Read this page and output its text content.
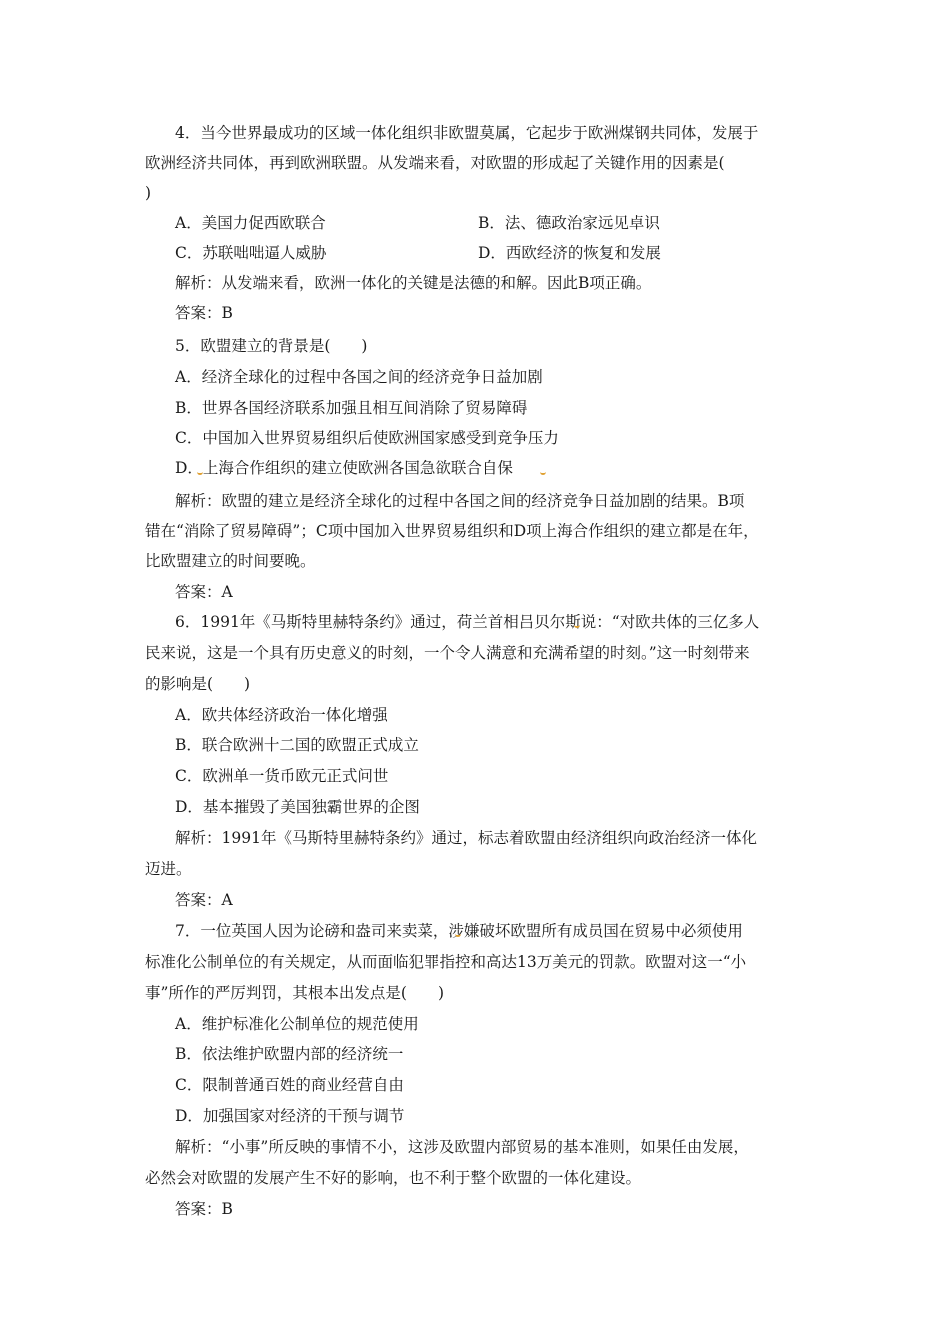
4．当今世界最成功的区域一体化组织非欧盟莫属，它起步于欧洲煤钢共同体，发展于
欧洲经济共同体，再到欧洲联盟。从发端来看，对欧盟的形成起了关键作用的因素是(
)
A．美国力促西欧联合	B．法、德政治家远见卓识
C．苏联咄咄逼人威胁	D．西欧经济的恢复和发展
解析：从发端来看，欧洲一体化的关键是法德的和解。因此B项正确。
答案：B
5．欧盟建立的背景是(　　)
A．经济全球化的过程中各国之间的经济竞争日益加剧
B．世界各国经济联系加强且相互间消除了贸易障碍
C．中国加入世界贸易组织后使欧洲国家感受到竞争压力
D．上海合作组织的建立使欧洲各国急欲联合自保
解析：欧盟的建立是经济全球化的过程中各国之间的经济竞争日益加剧的结果。B项
错在“消除了贸易障碍”；C项中国加入世界贸易组织和D项上海合作组织的建立都是在年，
比欧盟建立的时间要晚。
答案：A
6．1991年《马斯特里赫特条约》通过，荷兰首相吕贝尔斯说：“对欧共体的三亿多人
民来说，这是一个具有历史意义的时刻，一个令人满意和充满希望的时刻。”这一时刻带来
的影响是(　　)
A．欧共体经济政治一体化增强
B．联合欧洲十二国的欧盟正式成立
C．欧洲单一货币欧元正式问世
D．基本摧毁了美国独霸世界的企图
解析：1991年《马斯特里赫特条约》通过，标志着欧盟由经济组织向政治经济一体化
迈进。
答案：A
7．一位英国人因为论磅和盎司来卖菜，涉嫌破坏欧盟所有成员国在贸易中必须使用
标准化公制单位的有关规定，从而面临犯罪指控和高达13万美元的罚款。欧盟对这一“小
事”所作的严厉判罚，其根本出发点是(　　)
A．维护标准化公制单位的规范使用
B．依法维护欧盟内部的经济统一
C．限制普通百姓的商业经营自由
D．加强国家对经济的干预与调节
解析：“小事”所反映的事情不小，这涉及欧盟内部贸易的基本准则，如果任由发展，
必然会对欧盟的发展产生不好的影响，也不利于整个欧盟的一体化建设。
答案：B
